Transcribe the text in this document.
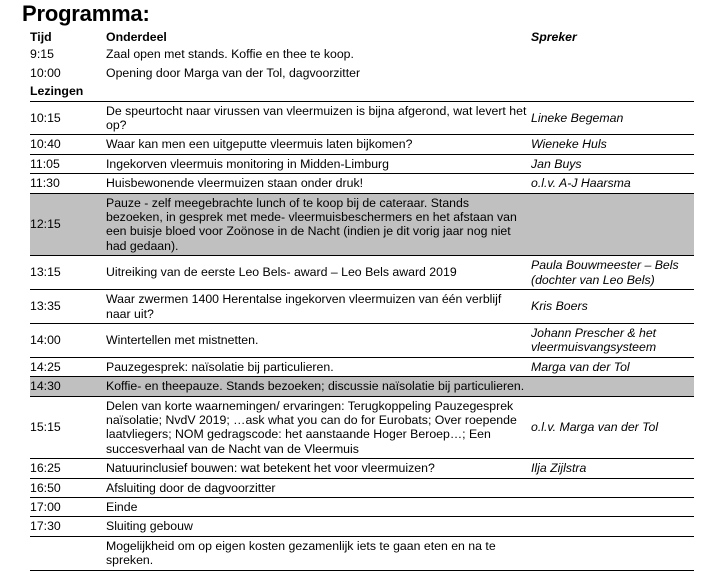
Programma:
Tijd	Onderdeel	Spreker
9:15	Zaal open met stands. Koffie en thee te koop.	
10:00	Opening door Marga van der Tol, dagvoorzitter	
Lezingen		
10:15	De speurtocht naar virussen van vleermuizen is bijna afgerond, wat levert het op?	Lineke Begeman
10:40	Waar kan men een uitgeputte vleermuis laten bijkomen?	Wieneke Huls
11:05	Ingekorven vleermuis monitoring in Midden-Limburg	Jan Buys
11:30	Huisbewonende vleermuizen staan onder druk!	o.l.v. A-J Haarsma
12:15	Pauze - zelf meegebrachte lunch of te koop bij de cateraar. Stands bezoeken, in gesprek met mede- vleermuisbeschermers en het afstaan van een buisje bloed voor Zoönose in de Nacht (indien je dit vorig jaar nog niet had gedaan).	
13:15	Uitreiking van de eerste Leo Bels- award – Leo Bels award 2019	Paula Bouwmeester – Bels (dochter van Leo Bels)
13:35	Waar zwermen 1400 Herentalse ingekorven vleermuizen van één verblijf naar uit?	Kris Boers
14:00	Wintertellen met mistnetten.	Johann Prescher & het vleermuisvangsysteem
14:25	Pauzegesprek: naïsolatie bij particulieren.	Marga van der Tol
14:30	Koffie- en theepauze. Stands bezoeken; discussie naïsolatie bij particulieren.	
15:15	Delen van korte waarnemingen/ ervaringen: Terugkoppeling Pauzegesprek naïsolatie; NvdV 2019; …ask what you can do for Eurobats; Over roepende laatvliegers; NOM gedragscode: het aanstaande Hoger Beroep…; Een succesverhaal van de Nacht van de Vleermuis	o.l.v. Marga van der Tol
16:25	Natuurinclusief bouwen: wat betekent het voor vleermuizen?	Ilja Zijlstra
16:50	Afsluiting door de dagvoorzitter	
17:00	Einde	
17:30	Sluiting gebouw	
	Mogelijkheid om op eigen kosten gezamenlijk iets te gaan eten en na te spreken.	
